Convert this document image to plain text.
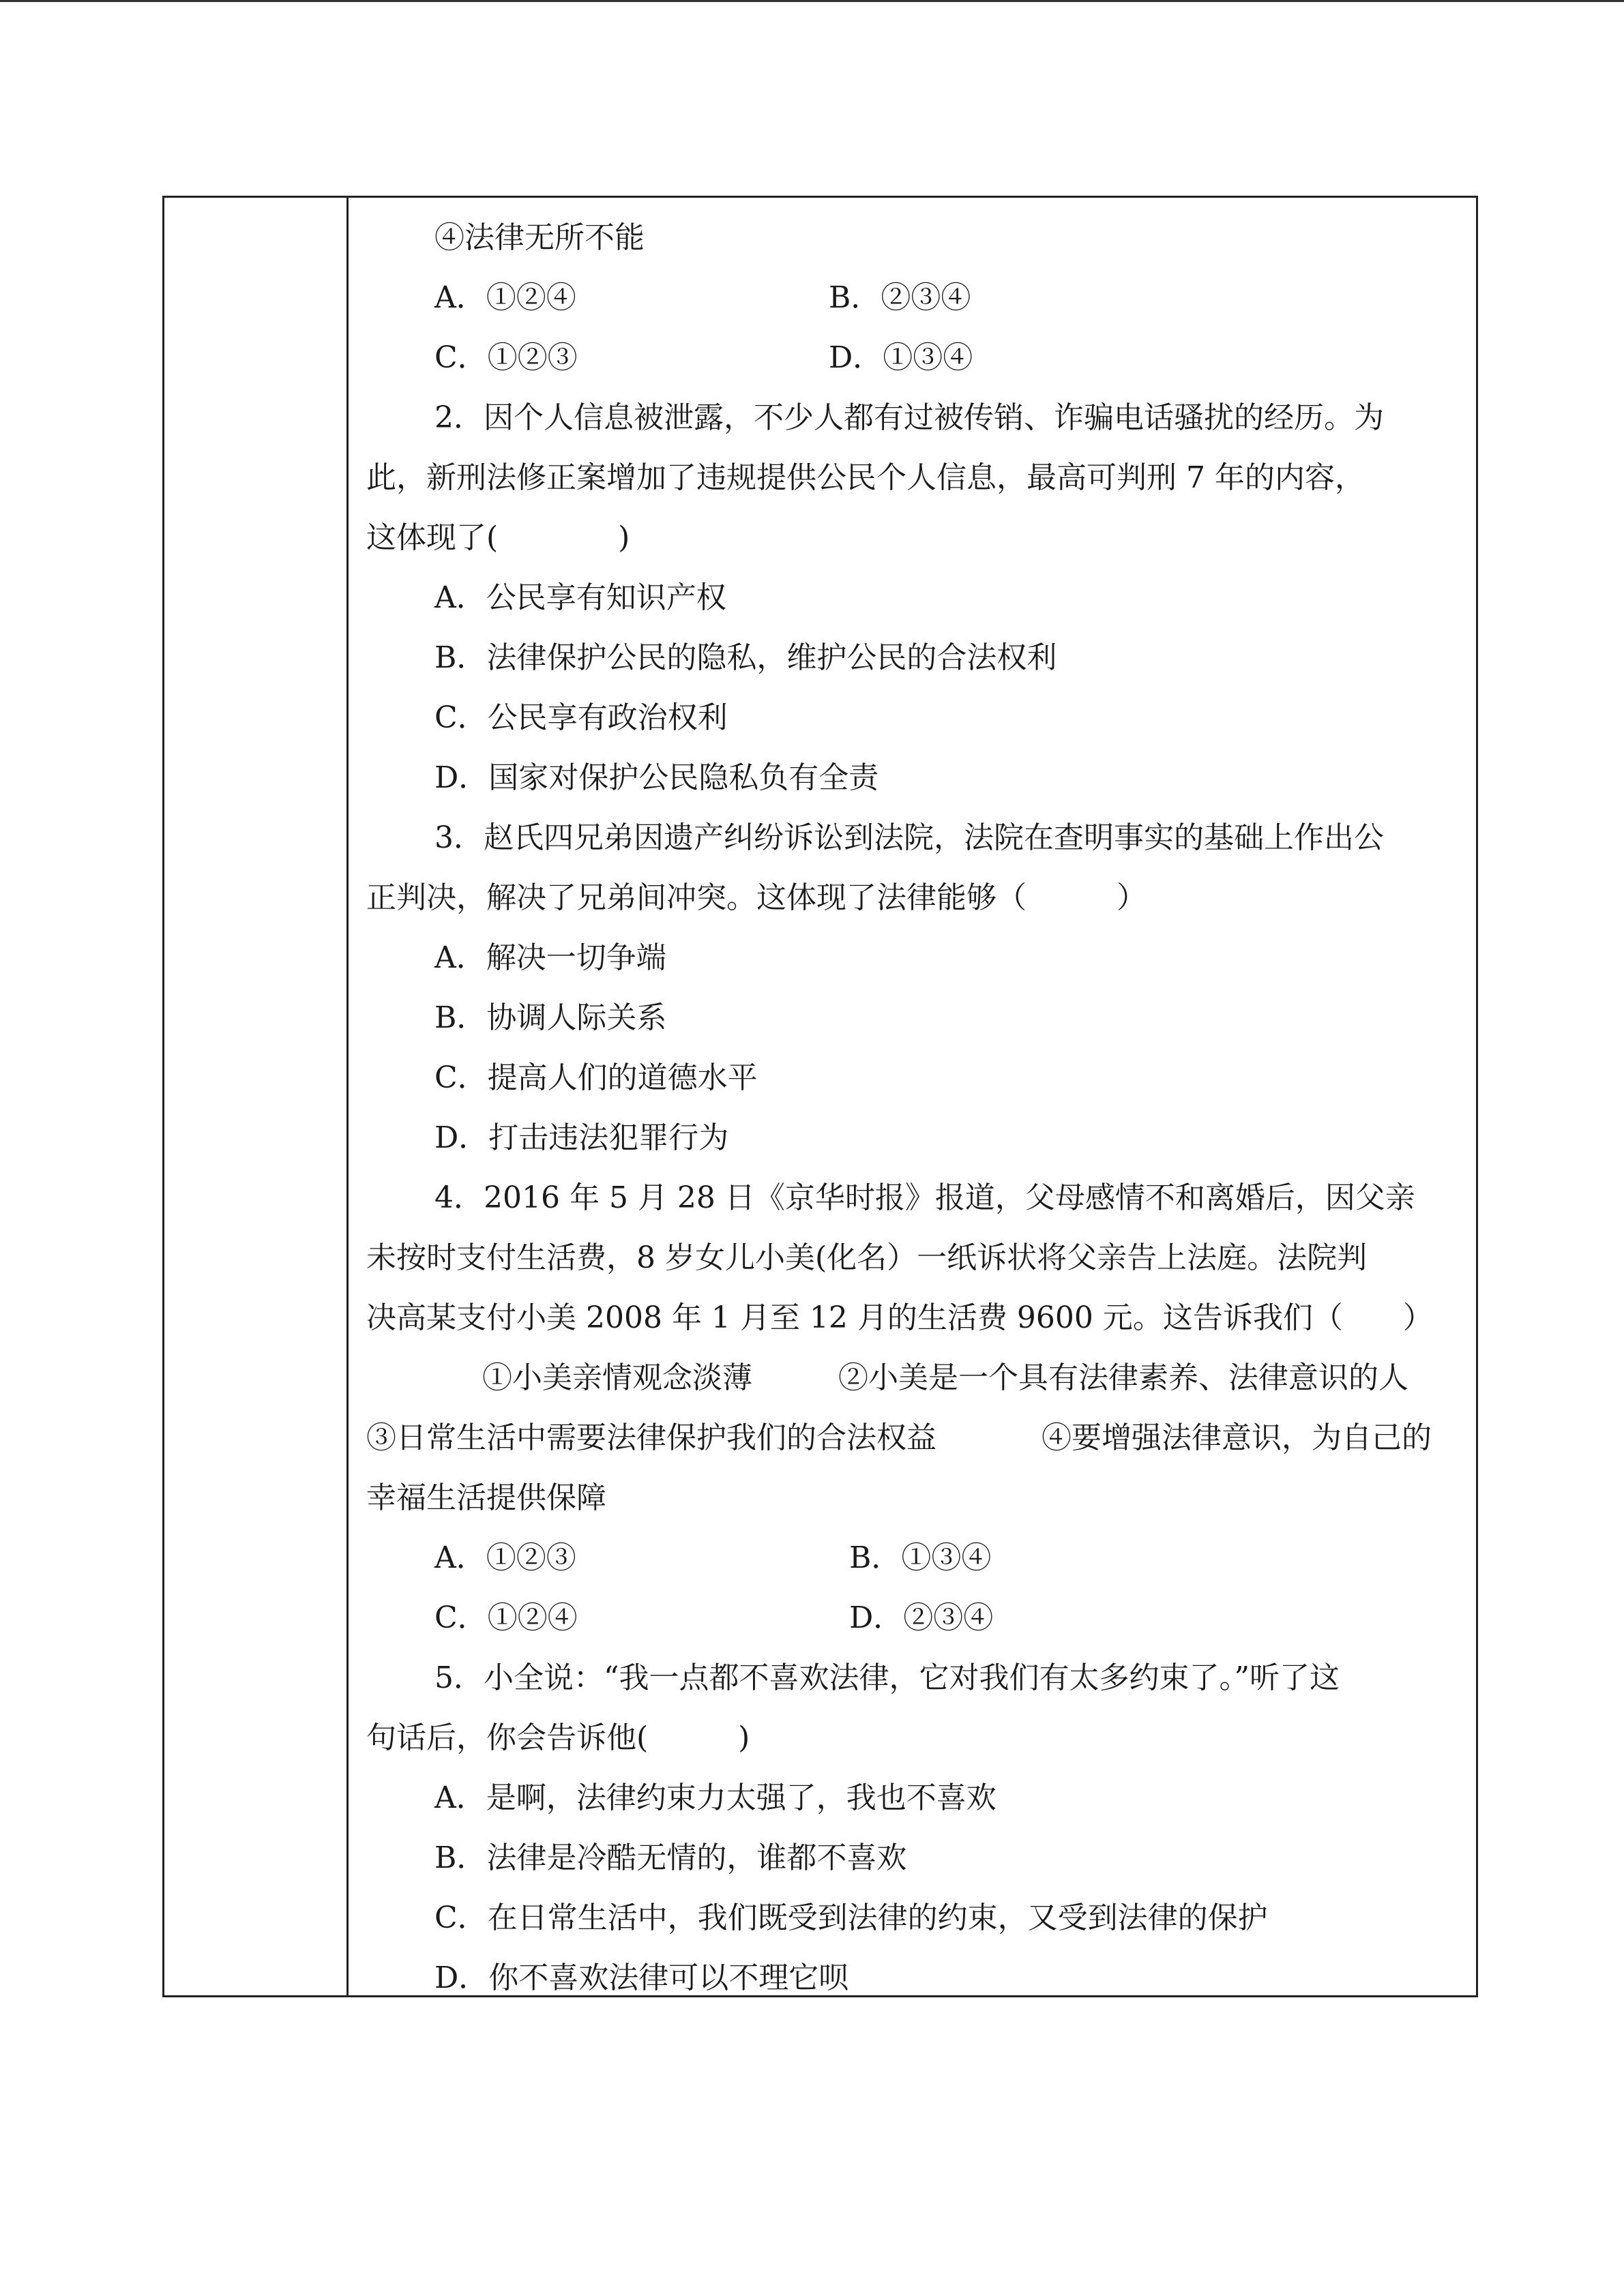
④法律无所不能
A．①②④	B．②③④
C．①②③	D．①③④
2．因个人信息被泄露，不少人都有过被传销、诈骗电话骚扰的经历。为
此，新刑法修正案增加了违规提供公民个人信息，最高可判刑 7 年的内容，
这体现了(　　　　)
A．公民享有知识产权
B．法律保护公民的隐私，维护公民的合法权利
C．公民享有政治权利
D．国家对保护公民隐私负有全责
3．赵氏四兄弟因遗产纠纷诉讼到法院，法院在查明事实的基础上作出公
正判决，解决了兄弟间冲突。这体现了法律能够（　　　）
A．解决一切争端
B．协调人际关系
C．提高人们的道德水平
D．打击违法犯罪行为
4．2016 年 5 月 28 日《京华时报》报道，父母感情不和离婚后，因父亲
未按时支付生活费，8 岁女儿小美(化名）一纸诉状将父亲告上法庭。法院判
决高某支付小美 2008 年 1 月至 12 月的生活费 9600 元。这告诉我们（　　）
①小美亲情观念淡薄	②小美是一个具有法律素养、法律意识的人
③日常生活中需要法律保护我们的合法权益	④要增强法律意识，为自己的
幸福生活提供保障
A．①②③	B．①③④
C．①②④	D．②③④
5．小全说：“我一点都不喜欢法律，它对我们有太多约束了。”听了这
句话后，你会告诉他(　　　)
A．是啊，法律约束力太强了，我也不喜欢
B．法律是冷酷无情的，谁都不喜欢
C．在日常生活中，我们既受到法律的约束，又受到法律的保护
D．你不喜欢法律可以不理它呗
